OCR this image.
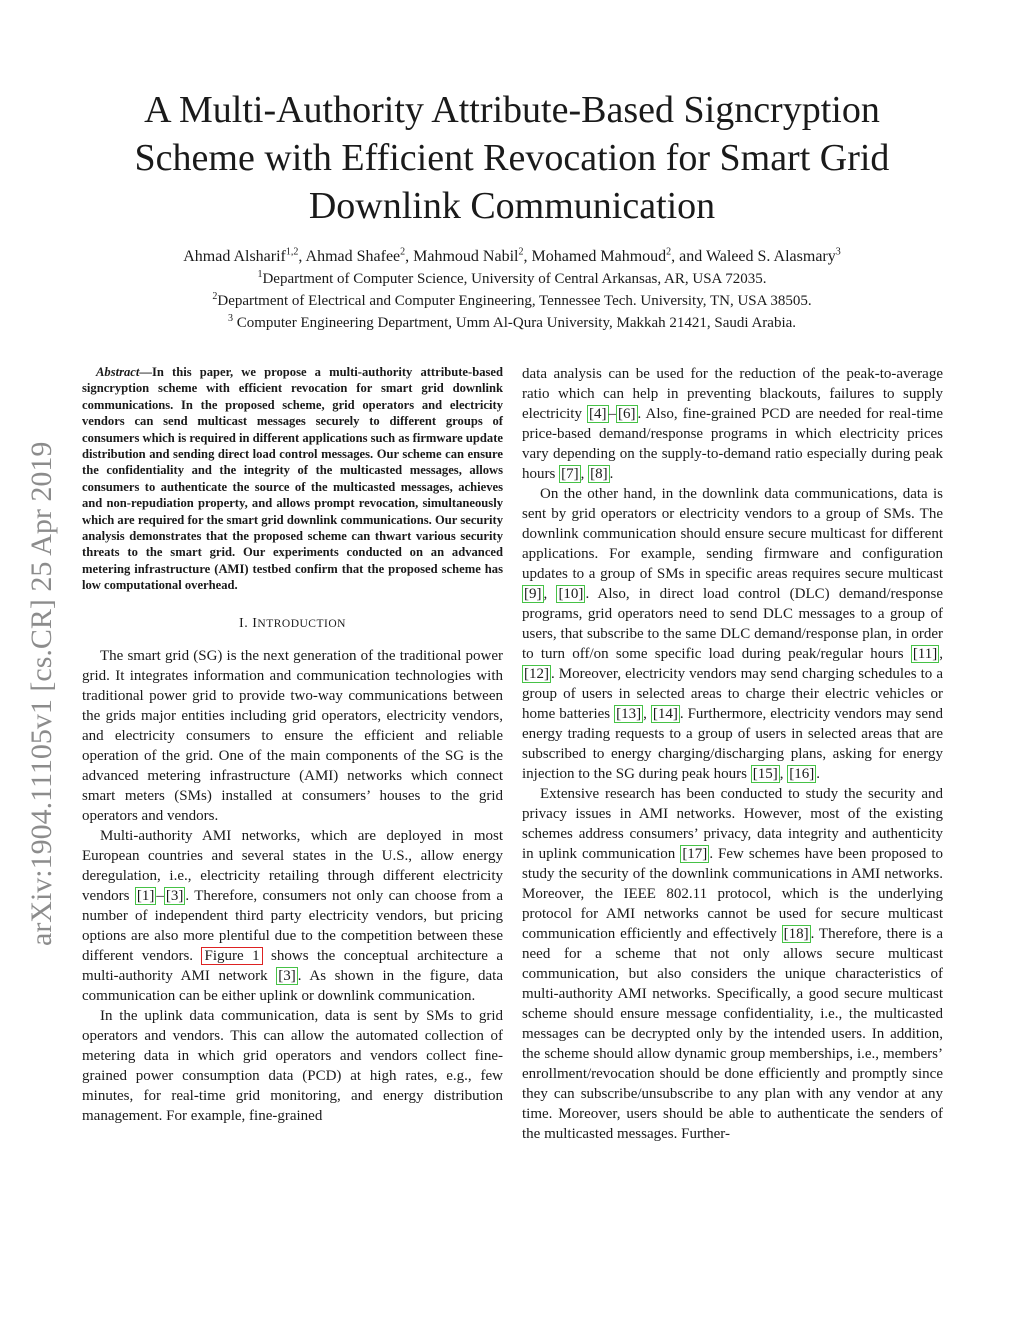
A Multi-Authority Attribute-Based Signcryption
Scheme with Efficient Revocation for Smart Grid
Downlink Communication
Ahmad Alsharif$^{1,2}$, Ahmad Shafee$^2$, Mahmoud Nabil$^2$, Mohamed Mahmoud$^2$, and Waleed S. Alasmary$^3$
$^1$Department of Computer Science, University of Central Arkansas, AR, USA 72035.
$^2$Department of Electrical and Computer Engineering, Tennessee Tech. University, TN, USA 38505.
$^3$ Computer Engineering Department, Umm Al-Qura University, Makkah 21421, Saudi Arabia.
arXiv:1904.11105v1 [cs.CR] 25 Apr 2019

Abstract—In this paper, we propose a multi-authority attribute-based signcryption scheme with efficient revocation for smart grid downlink communications. In the proposed scheme, grid operators and electricity vendors can send multicast messages securely to different groups of consumers which is required in different applications such as firmware update distribution and sending direct load control messages. Our scheme can ensure the confidentiality and the integrity of the multicasted messages, allows consumers to authenticate the source of the multicasted messages, achieves and non-repudiation property, and allows prompt revocation, simultaneously which are required for the smart grid downlink communications. Our security analysis demonstrates that the proposed scheme can thwart various security threats to the smart grid. Our experiments conducted on an advanced metering infrastructure (AMI) testbed confirm that the proposed scheme has low computational overhead.

I. INTRODUCTION

The smart grid (SG) is the next generation of the traditional power grid. It integrates information and communication technologies with traditional power grid to provide two-way communications between the grids major entities including grid operators, electricity vendors, and electricity consumers to ensure the efficient and reliable operation of the grid. One of the main components of the SG is the advanced metering infrastructure (AMI) networks which connect smart meters (SMs) installed at consumers’ houses to the grid operators and vendors.

Multi-authority AMI networks, which are deployed in most European countries and several states in the U.S., allow energy deregulation, i.e., electricity retailing through different electricity vendors [1] – [3] . Therefore, consumers not only can choose from a number of independent third party electricity vendors, but pricing options are also more plentiful due to the competition between these different vendors. Figure 1 shows the conceptual architecture a multi-authority AMI network [3] . As shown in the figure, data communication can be either uplink or downlink communication.

In the uplink data communication, data is sent by SMs to grid operators and vendors. This can allow the automated collection of metering data in which grid operators and vendors collect fine-grained power consumption data (PCD) at high rates, e.g., few minutes, for real-time grid monitoring, and energy distribution management. For example, fine-grained

data analysis can be used for the reduction of the peak-to-average ratio which can help in preventing blackouts, failures to supply electricity [4] – [6] . Also, fine-grained PCD are needed for real-time price-based demand/response programs in which electricity prices vary depending on the supply-to-demand ratio especially during peak hours [7] , [8] .

On the other hand, in the downlink data communications, data is sent by grid operators or electricity vendors to a group of SMs. The downlink communication should ensure secure multicast for different applications. For example, sending firmware and configuration updates to a group of SMs in specific areas requires secure multicast [9] , [10] . Also, in direct load control (DLC) demand/response programs, grid operators need to send DLC messages to a group of users, that subscribe to the same DLC demand/response plan, in order to turn off/on some specific load during peak/regular hours [11] , [12] . Moreover, electricity vendors may send charging schedules to a group of users in selected areas to charge their electric vehicles or home batteries [13] , [14] . Furthermore, electricity vendors may send energy trading requests to a group of users in selected areas that are subscribed to energy charging/discharging plans, asking for energy injection to the SG during peak hours [15] , [16] .

Extensive research has been conducted to study the security and privacy issues in AMI networks. However, most of the existing schemes address consumers’ privacy, data integrity and authenticity in uplink communication [17] . Few schemes have been proposed to study the security of the downlink communications in AMI networks. Moreover, the IEEE 802.11 protocol, which is the underlying protocol for AMI networks cannot be used for secure multicast communication efficiently and effectively [18] . Therefore, there is a need for a scheme that not only allows secure multicast communication, but also considers the unique characteristics of multi-authority AMI networks. Specifically, a good secure multicast scheme should ensure message confidentiality, i.e., the multicasted messages can be decrypted only by the intended users. In addition, the scheme should allow dynamic group memberships, i.e., members’ enrollment/revocation should be done efficiently and promptly since they can subscribe/unsubscribe to any plan with any vendor at any time. Moreover, users should be able to authenticate the senders of the multicasted messages. Further-
